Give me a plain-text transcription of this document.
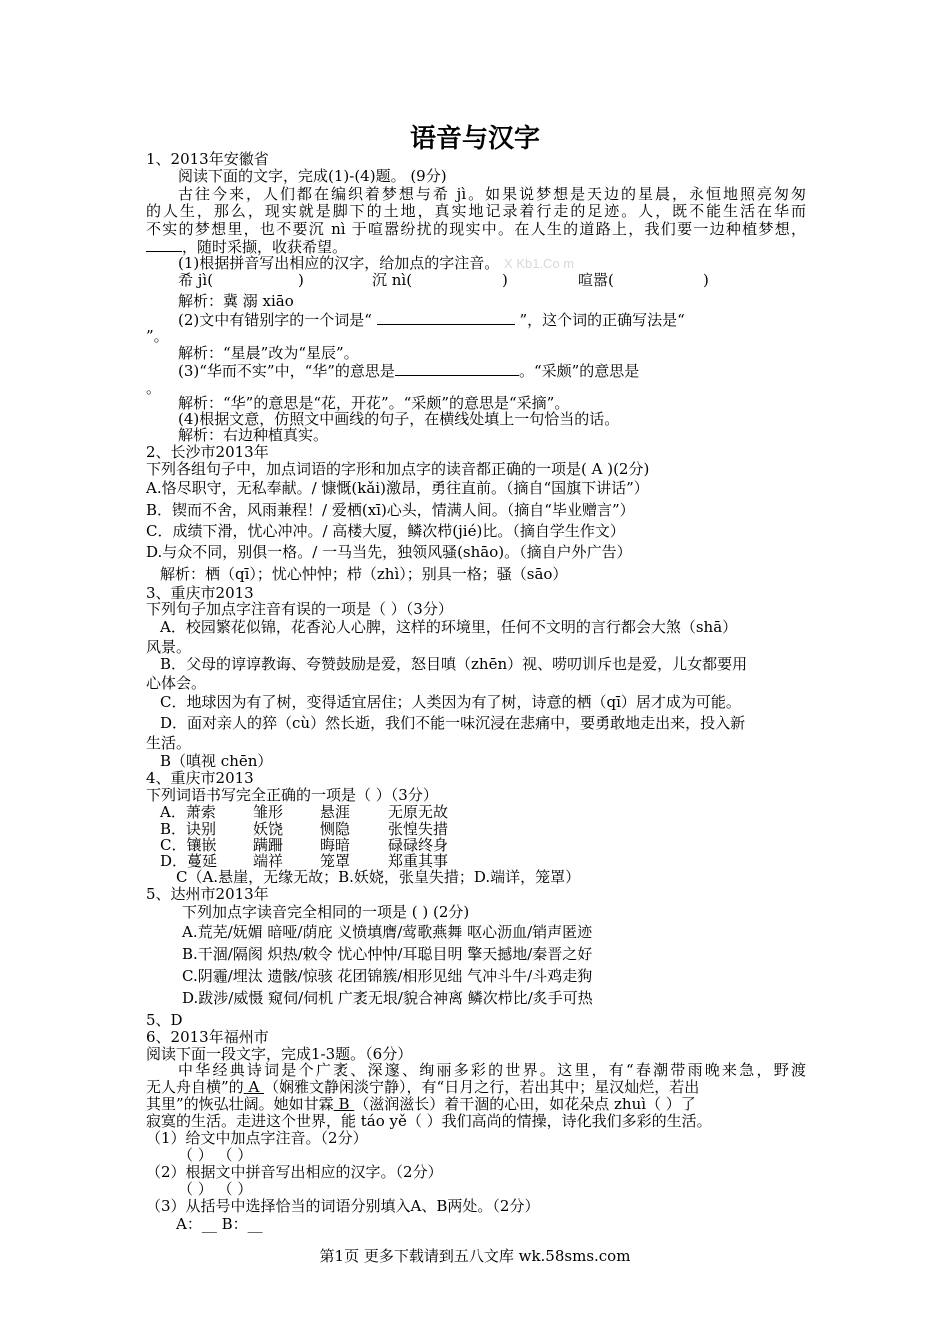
语音与汉字
1、2013年安徽省
阅读下面的文字，完成(1)-(4)题。 (9分)
古往今来，人们都在编织着梦想与希 jì。如果说梦想是天边的星晨，永恒地照亮匆匆
的人生，那么，现实就是脚下的土地，真实地记录着行走的足迹。人，既不能生活在华而
不实的梦想里，也不要沉 nì 于喧嚣纷扰的现实中。在人生的道路上，我们要一边种植梦想，
，随时采撷，收获希望。
(1)根据拼音写出相应的汉字，给加点的字注音。 X Kb1.Co m
希 jì(	)	沉 nì(	)	喧嚣(	)
解析：冀 溺 xiāo
(2)文中有错别字的一个词是“	”，这个词的正确写法是“
”。
解析：“星晨”改为“星辰”。
(3)“华而不实”中，“华”的意思是	。“采颇”的意思是
。
解析：“华”的意思是“花，开花”。“采颇”的意思是“采摘”。
(4)根据文意，仿照文中画线的句子，在横线处填上一句恰当的话。
解析：右边种植真实。
2、长沙市2013年
下列各组句子中，加点词语的字形和加点字的读音都正确的一项是( A )(2分)
A.恪尽职守，无私奉献。/ 慷慨(kǎi)激昂，勇往直前。（摘自“国旗下讲话”）
B．锲而不舍，风雨兼程！/ 爱栖(xī)心头，情满人间。（摘自“毕业赠言”）
C．成绩下滑，忧心冲冲。/ 高楼大厦，鳞次栉(jié)比。（摘自学生作文）
D.与众不同，别俱一格。/ 一马当先，独领风骚(shāo)。（摘自户外广告）
解析：栖（qī）；忧心忡忡；栉（zhì）；别具一格；骚（sāo）
3、重庆市2013
下列句子加点字注音有误的一项是（ ）（3分）
A．校园繁花似锦，花香沁人心脾，这样的环境里，任何不文明的言行都会大煞（shā）
风景。
B．父母的谆谆教诲、夸赞鼓励是爱，怒目嗔（zhēn）视、唠叨训斥也是爱，儿女都要用
心体会。
C．地球因为有了树，变得适宜居住；人类因为有了树，诗意的栖（qī）居才成为可能。
D．面对亲人的猝（cù）然长逝，我们不能一味沉浸在悲痛中，要勇敢地走出来，投入新
生活。
B（嗔视 chēn）
4、重庆市2013
下列词语书写完全正确的一项是（ ）（3分）
A．萧索 雏形 悬涯	无原无故
B．诀别 妖饶 恻隐	张惶失措
C．镶嵌 蹒跚 晦暗	碌碌终身
D．蔓延 端祥 笼罩	郑重其事
C（A.悬崖，无缘无故；B.妖娆，张皇失措；D.端详，笼罩）
5、达州市2013年
下列加点字读音完全相同的一项是 ( ) (2分)
A.荒芜/妩媚 暗哑/荫庇 义愤填膺/莺歌燕舞 呕心沥血/销声匿迹
B.干涸/隔阂 炽热/敕令 忧心忡忡/耳聪目明 擎天撼地/秦晋之好
C.阴霾/埋汰 遗骸/惊骇 花团锦簇/相形见绌 气冲斗牛/斗鸡走狗
D.跋涉/威慑 窥伺/伺机 广袤无垠/貌合神离 鳞次栉比/炙手可热
5、D
6、2013年福州市
阅读下面一段文字，完成1-3题。（6分）
中华经典诗词是个广袤、深邃、绚丽多彩的世界。这里，有“春潮带雨晚来急，野渡
无人舟自横”的 A （娴雅文静闲淡宁静），有“日月之行，若出其中；星汉灿烂，若出
其里”的恢弘壮阔。她如甘霖 B （滋润滋长）着干涸的心田，如花朵点 zhuì（ ）了
寂寞的生活。走进这个世界，能 táo yě（ ）我们高尚的情操，诗化我们多彩的生活。
（1）给文中加点字注音。（2分）
（ ） （ ）
（2）根据文中拼音写出相应的汉字。（2分）
（ ） （ ）
（3）从括号中选择恰当的词语分别填入A、B两处。（2分）
A：__ B：__
第1页 更多下载请到五八文库 wk.58sms.com
